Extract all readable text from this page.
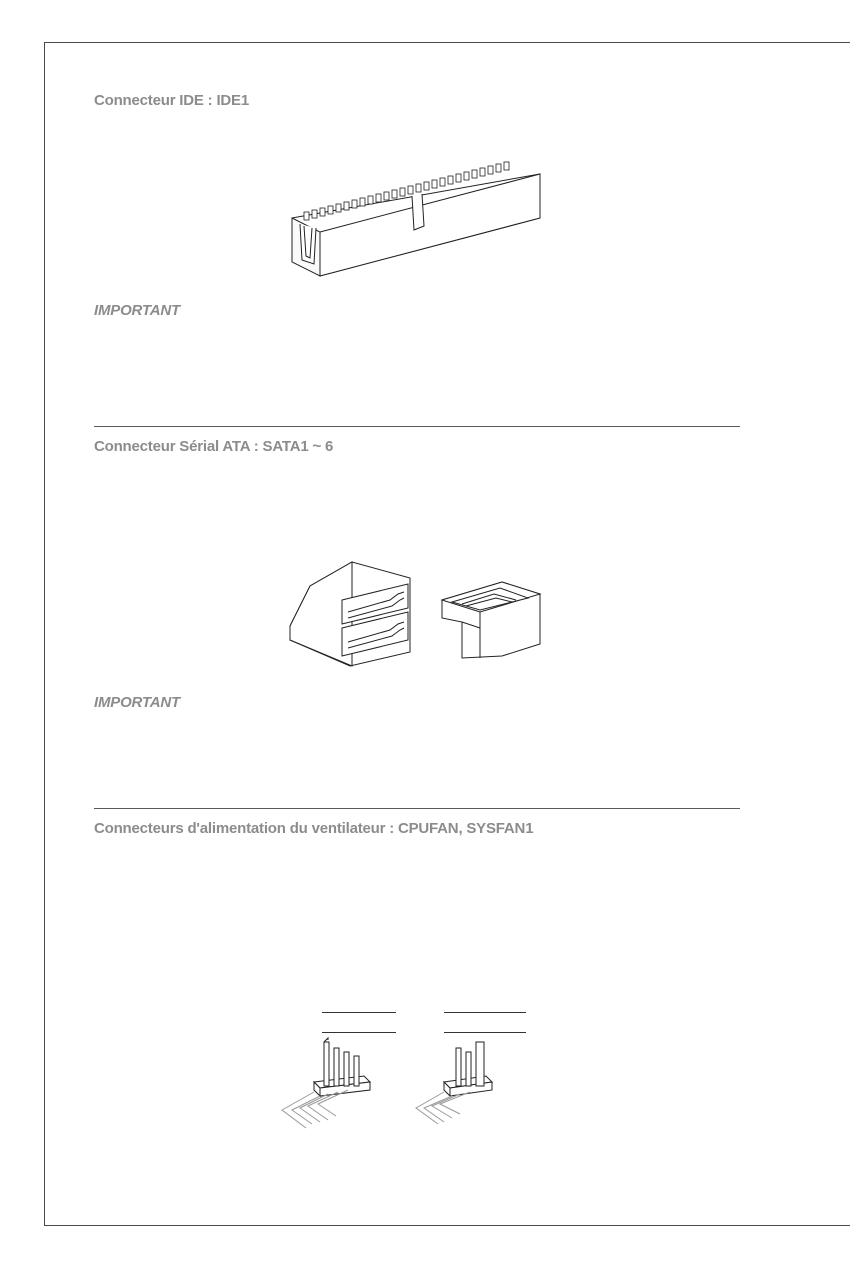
Connecteur IDE : IDE1
IMPORTANT
Connecteur Sérial ATA : SATA1 ~ 6
IMPORTANT
Connecteurs d'alimentation du ventilateur : CPUFAN, SYSFAN1
